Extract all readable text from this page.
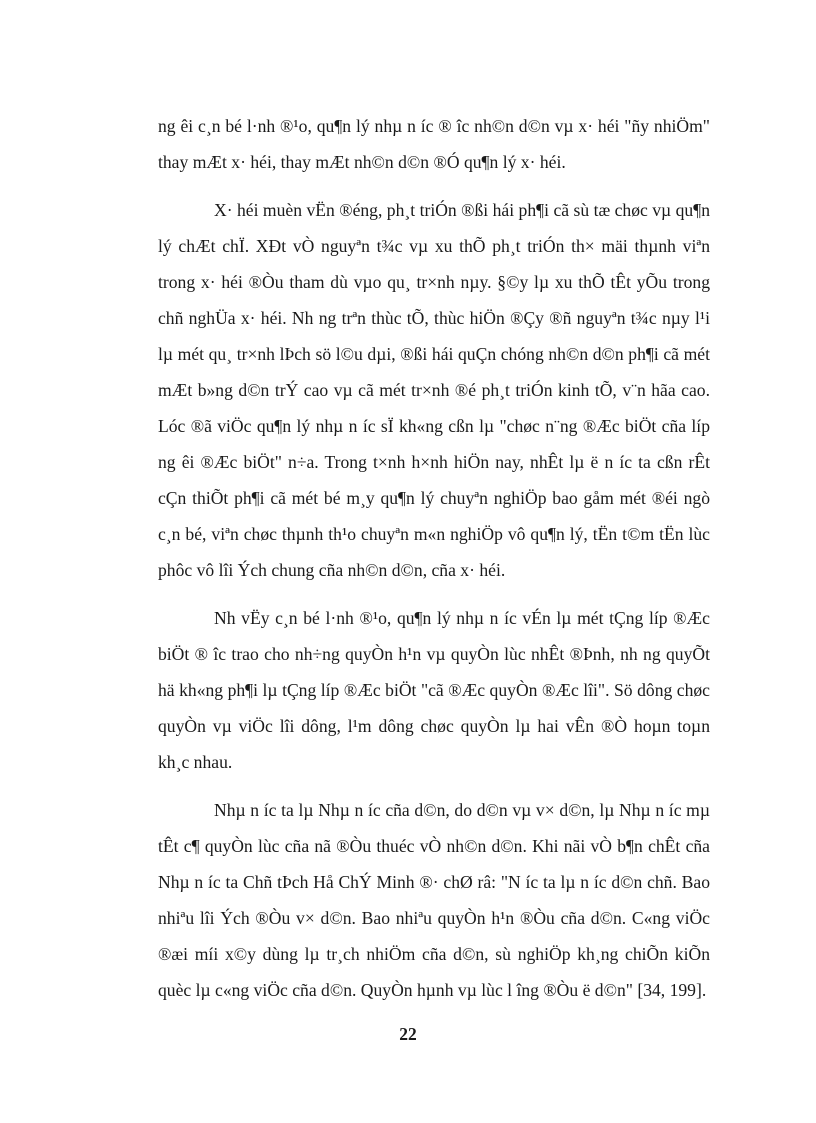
ng êi c¸n bé l·nh ®¹o, qu¶n lý nhµ n íc ® îc nh©n d©n vµ x· héi "ñy nhiÖm" thay mÆt x· héi, thay mÆt nh©n d©n ®Ó qu¶n lý x· héi.

X· héi muèn vËn ®éng, ph¸t triÓn ®ßi hái ph¶i cã sù tæ chøc vµ qu¶n lý chÆt chÏ. XÐt vÒ nguyªn t¾c vµ xu thÕ ph¸t triÓn th× mäi thµnh viªn trong x· héi ®Òu tham dù vµo qu¸ tr×nh nµy. §©y lµ xu thÕ tÊt yÕu trong chñ nghÜa x· héi. Nh ng trªn thùc tÕ, thùc hiÖn ®Çy ®ñ nguyªn t¾c nµy l¹i lµ mét qu¸ tr×nh lÞch sö l©u dµi, ®ßi hái quÇn chóng nh©n d©n ph¶i cã mét mÆt b»ng d©n trÝ cao vµ cã mét tr×nh ®é ph¸t triÓn kinh tÕ, v¨n hãa cao. Lóc ®ã viÖc qu¶n lý nhµ n íc sÏ kh«ng cßn lµ "chøc n¨ng ®Æc biÖt cña líp ng êi ®Æc biÖt" n÷a. Trong t×nh h×nh hiÖn nay, nhÊt lµ ë n íc ta cßn rÊt cÇn thiÕt ph¶i cã mét bé m¸y qu¶n lý chuyªn nghiÖp bao gåm mét ®éi ngò c¸n bé, viªn chøc thµnh th¹o chuyªn m«n nghiÖp vô qu¶n lý, tËn t©m tËn lùc phôc vô lîi Ých chung cña nh©n d©n, cña x· héi.

Nh vËy c¸n bé l·nh ®¹o, qu¶n lý nhµ n íc vÉn lµ mét tÇng líp ®Æc biÖt ® îc trao cho nh÷ng quyÒn h¹n vµ quyÒn lùc nhÊt ®Þnh, nh ng quyÕt hä kh«ng ph¶i lµ tÇng líp ®Æc biÖt "cã ®Æc quyÒn ®Æc lîi". Sö dông chøc quyÒn vµ viÖc lîi dông, l¹m dông chøc quyÒn lµ hai vÊn ®Ò hoµn toµn kh¸c nhau.

Nhµ n íc ta lµ Nhµ n íc cña d©n, do d©n vµ v× d©n, lµ Nhµ n íc mµ tÊt c¶ quyÒn lùc cña nã ®Òu thuéc vÒ nh©n d©n. Khi nãi vÒ b¶n chÊt cña Nhµ n íc ta Chñ tÞch Hå ChÝ Minh ®· chØ râ: "N íc ta lµ n íc d©n chñ. Bao nhiªu lîi Ých ®Òu v× d©n. Bao nhiªu quyÒn h¹n ®Òu cña d©n. C«ng viÖc ®æi míi x©y dùng lµ tr¸ch nhiÖm cña d©n, sù nghiÖp kh¸ng chiÕn kiÕn quèc lµ c«ng viÖc cña d©n. QuyÒn hµnh vµ lùc l îng ®Òu ë d©n" [34, 199].

22
